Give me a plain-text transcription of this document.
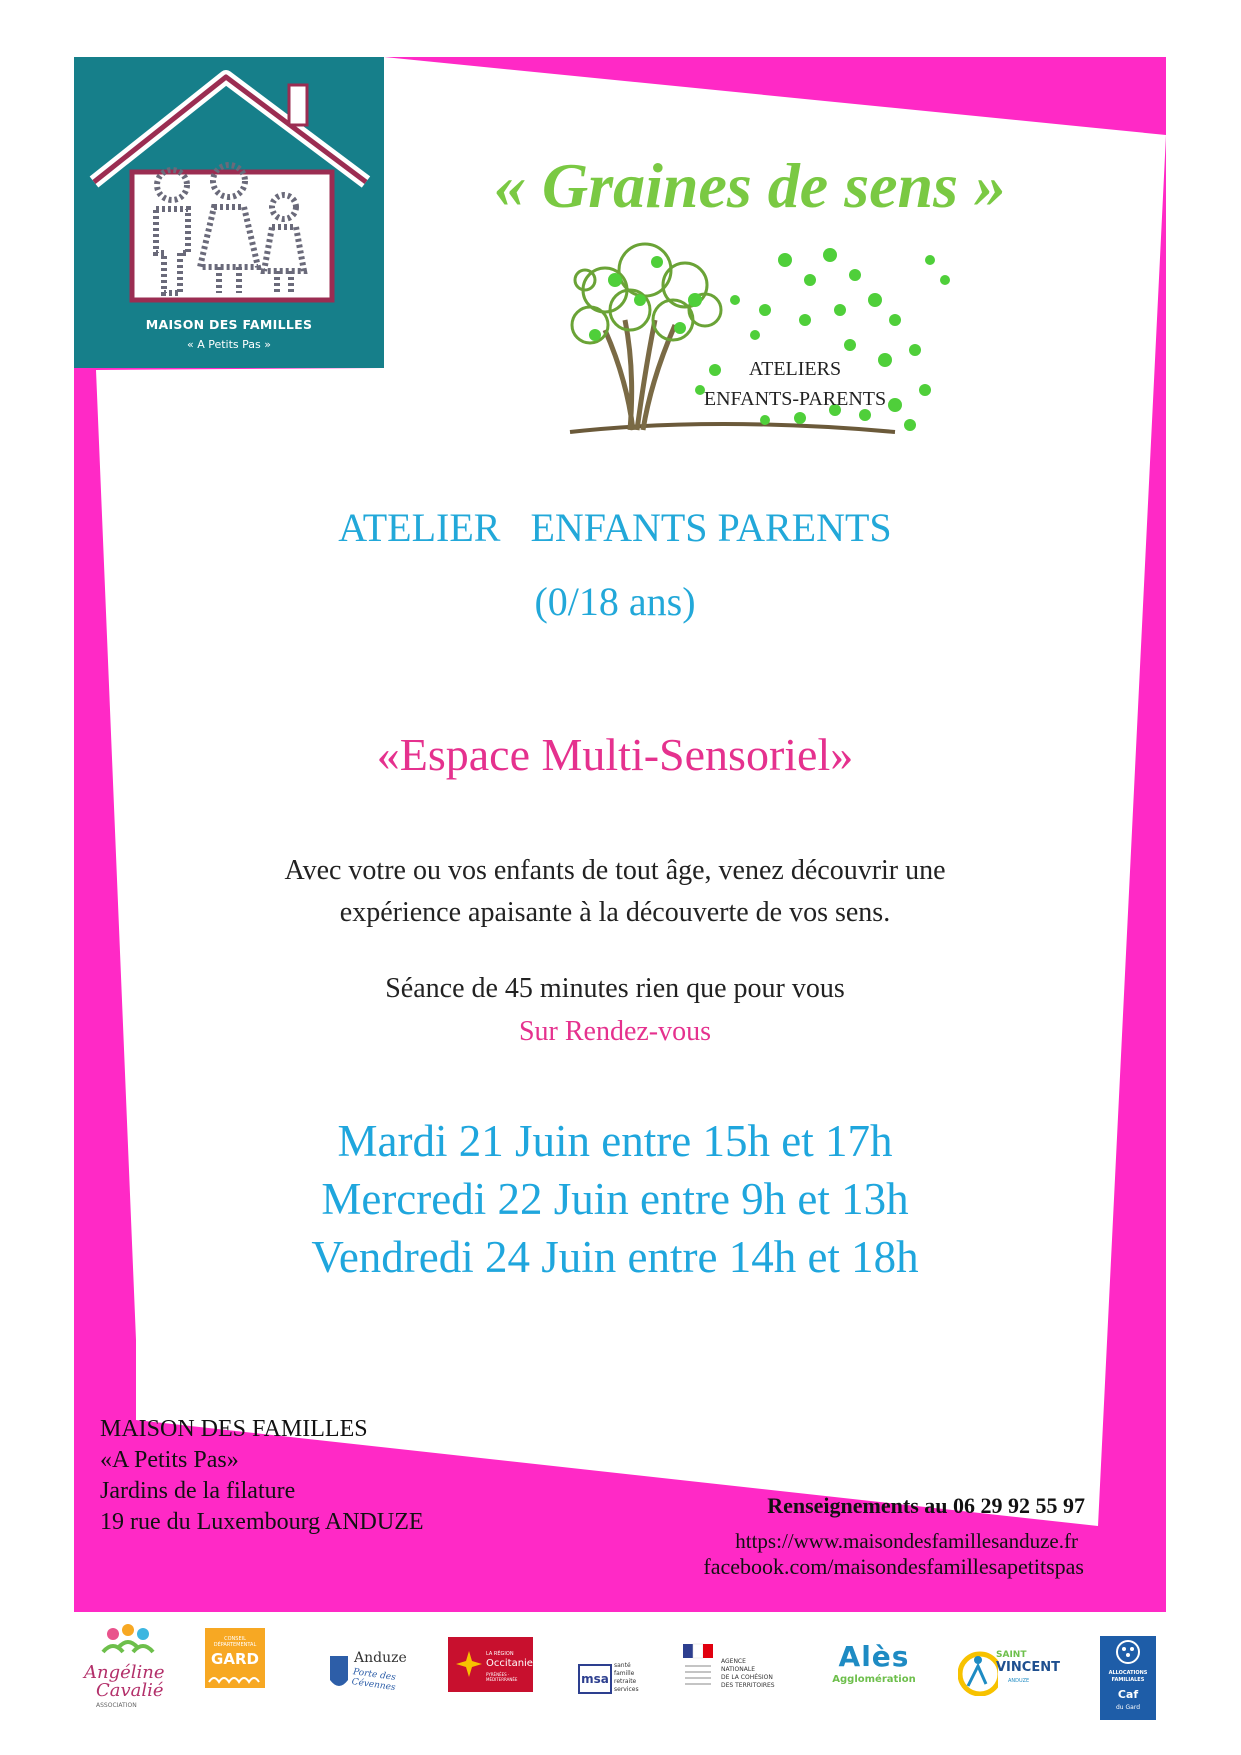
MAISON DES FAMILLES
« A Petits Pas »
« Graines de sens »
ATELIERS
ENFANTS-PARENTS
ATELIER   ENFANTS PARENTS
(0/18 ans)
«Espace Multi-Sensoriel»
Avec votre ou vos enfants de tout âge, venez découvrir une
expérience apaisante à la découverte de vos sens.
Séance de 45 minutes rien que pour vous
Sur Rendez-vous
Mardi 21 Juin entre 15h et 17h
Mercredi 22 Juin entre 9h et 13h
Vendredi 24 Juin entre 14h et 18h
MAISON DES FAMILLES
«A Petits Pas»
Jardins de la filature
19 rue du Luxembourg ANDUZE
Renseignements au 06 29 92 55 97
https://www.maisondesfamillesanduze.fr
facebook.com/maisondesfamillesapetitspas
Angéline
Cavalié
ASSOCIATION
CONSEIL DÉPARTEMENTAL
GARD	Anduze
Porte des Cévennes
LA RÉGION
Occitanie
PYRÉNÉES · MÉDITERRANÉE	msa
santé
famille
retraite
services
AGENCE
NATIONALE
DE LA COHÉSION
DES TERRITOIRES
Alès
Agglomération
SAINT
VINCENT
ANDUZE
ALLOCATIONS
FAMILIALES
Caf
du Gard
